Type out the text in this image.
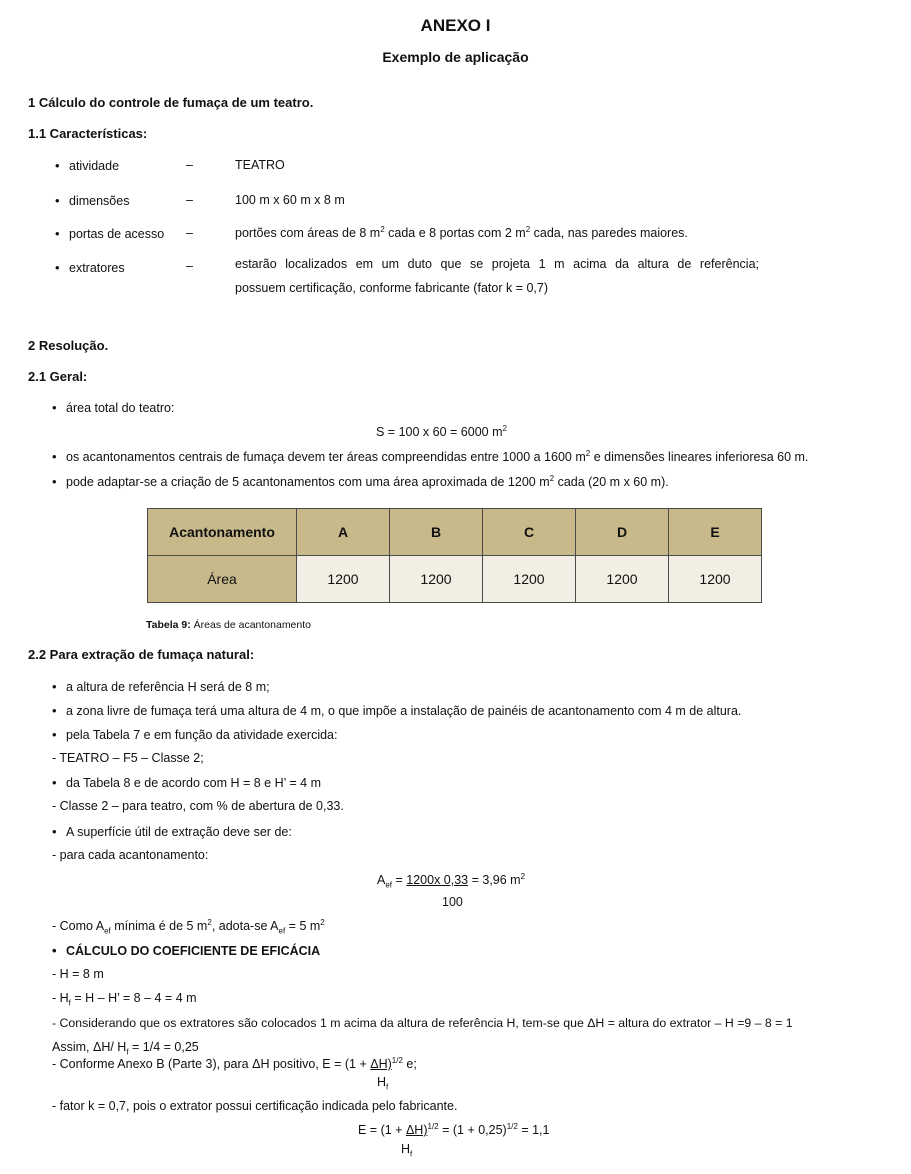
ANEXO I
Exemplo de aplicação
1 Cálculo do controle de fumaça de um teatro.
1.1 Características:
• atividade	–	TEATRO
• dimensões	–	100 m x 60 m x 8 m
• portas de acesso –	portões com áreas de 8 $m^2$ cada e 8 portas com 2 $m^2$ cada, nas paredes maiores.
• extratores	–	estarão localizados em um duto que se projeta 1 m acima da altura de referência;
possuem certificação, conforme fabricante (fator k = 0,7)
2 Resolução.
2.1 Geral:
• área total do teatro:
S = 100 x 60 = 6000 $m^2$
• os acantonamentos centrais de fumaça devem ter áreas compreendidas entre 1000 a 1600 $m^2$ e dimensões lineares inferioresa 60 m.
• pode adaptar-se a criação de 5 acantonamentos com uma área aproximada de 1200 $m^2$ cada (20 m x 60 m).
Acantonamento	A	B	C	D	E
Área	1200	1200	1200	1200	1200
Tabela 9: Áreas de acantonamento
2.2 Para extração de fumaça natural:
• a altura de referência H será de 8 m;
• a zona livre de fumaça terá uma altura de 4 m, o que impõe a instalação de painéis de acantonamento com 4 m de altura.
• pela Tabela 7 e em função da atividade exercida:
- TEATRO – F5 – Classe 2;
• da Tabela 8 e de acordo com H = 8 e H’ = 4 m
- Classe 2 – para teatro, com % de abertura de 0,33.
• A superfície útil de extração deve ser de:
- para cada acantonamento:
$A_{ef} = 1200x$ 0,33 = 3,96 $m^2$
100
- Como $A_{ef}$ mínima é de 5 $m^2$, adota-se $A_{ef} = 5$ $m^2$
• CÁLCULO DO COEFICIENTE DE EFICÁCIA
- H = 8 m
- $H_f = H - H$’ = 8 – 4 = 4 m
- Considerando que os extratores são colocados 1 m acima da altura de referência H, tem-se que ΔH = altura do extrator – H =9 – 8 = 1
Assim, ΔH/ $H_f = 1/4 = 0,25$
- Conforme Anexo B (Parte 3), para ΔH positivo, $E = (1 + \Delta H)^{1/2}$ e;
$H_f$
- fator k = 0,7, pois o extrator possui certificação indicada pelo fabricante.
$E = (1 + \Delta H)^{1/2} = (1 + 0,25)^{1/2} = 1,1$
$H_f$
